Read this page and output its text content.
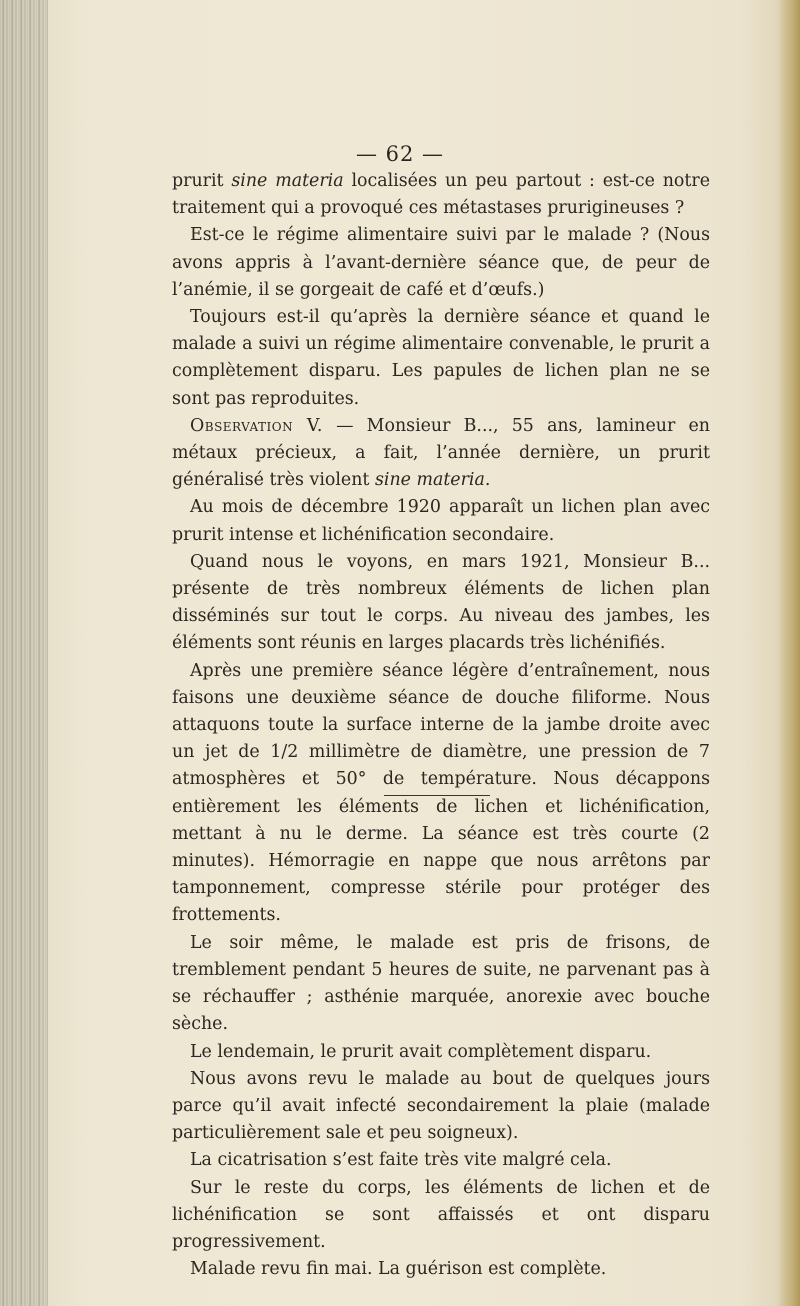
— 62 —

prurit sine materia localisées un peu partout : est-ce notre traitement qui a provoqué ces métastases prurigineuses ?

Est-ce le régime alimentaire suivi par le malade ? (Nous avons appris à l’avant-dernière séance que, de peur de l’anémie, il se gorgeait de café et d’œufs.)

Toujours est-il qu’après la dernière séance et quand le malade a suivi un régime alimentaire convenable, le prurit a complètement disparu. Les papules de lichen plan ne se sont pas reproduites.

Observation V. — Monsieur B..., 55 ans, lamineur en métaux précieux, a fait, l’année dernière, un prurit généralisé très violent sine materia.

Au mois de décembre 1920 apparaît un lichen plan avec prurit intense et lichénification secondaire.

Quand nous le voyons, en mars 1921, Monsieur B... présente de très nombreux éléments de lichen plan disséminés sur tout le corps. Au niveau des jambes, les éléments sont réunis en larges placards très lichénifiés.

Après une première séance légère d’entraînement, nous faisons une deuxième séance de douche filiforme. Nous attaquons toute la surface interne de la jambe droite avec un jet de 1/2 millimètre de diamètre, une pression de 7 atmosphères et 50° de température. Nous décappons entièrement les éléments de lichen et lichénification, mettant à nu le derme. La séance est très courte (2 minutes). Hémorragie en nappe que nous arrêtons par tamponnement, compresse stérile pour protéger des frottements.

Le soir même, le malade est pris de frisons, de tremblement pendant 5 heures de suite, ne parvenant pas à se réchauffer ; asthénie marquée, anorexie avec bouche sèche.

Le lendemain, le prurit avait complètement disparu.

Nous avons revu le malade au bout de quelques jours parce qu’il avait infecté secondairement la plaie (malade particulièrement sale et peu soigneux).

La cicatrisation s’est faite très vite malgré cela.

Sur le reste du corps, les éléments de lichen et de lichénification se sont affaissés et ont disparu progressivement.

Malade revu fin mai. La guérison est complète.
